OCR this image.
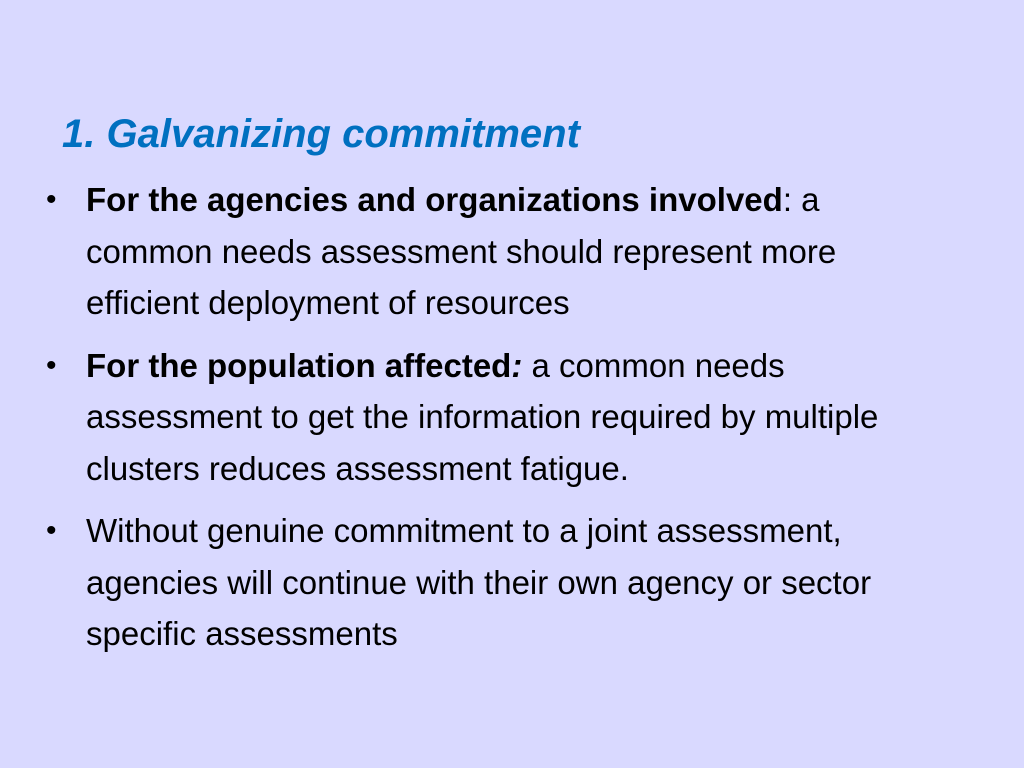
1. Galvanizing commitment
• For the agencies and organizations involved: a common needs assessment should represent more efficient deployment of resources
• For the population affected: a common needs assessment to get the information required by multiple clusters reduces assessment fatigue.
• Without genuine commitment to a joint assessment, agencies will continue with their own agency or sector specific assessments
